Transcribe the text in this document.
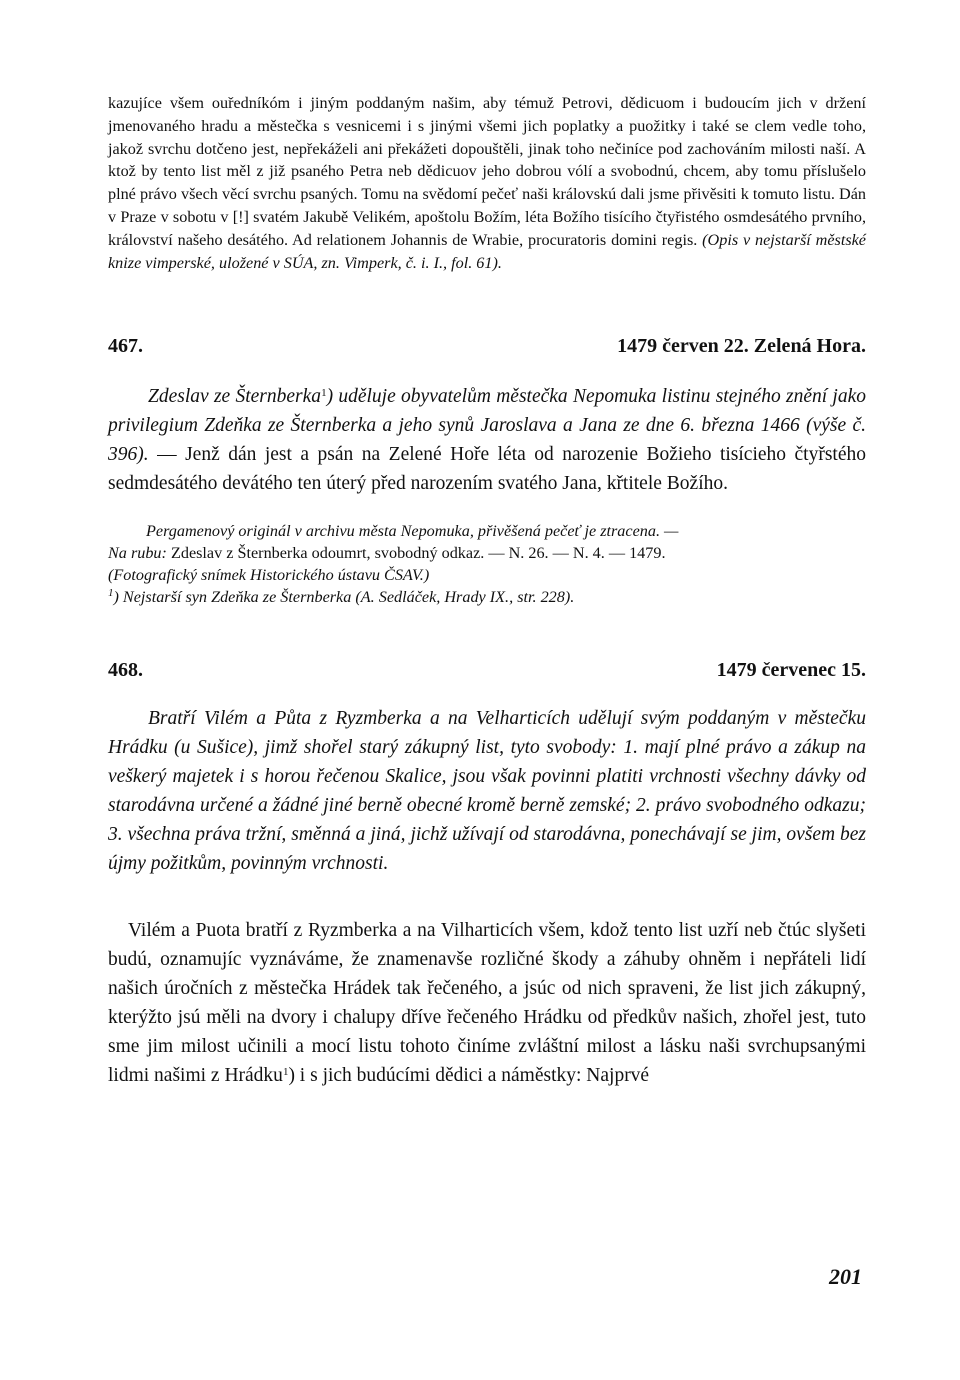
kazujíce všem ouředníkóm i jiným poddaným našim, aby témuž Petrovi, dědicuom i budoucím jich v držení jmenovaného hradu a městečka s vesnicemi i s jinými všemi jich poplatky a puožitky i také se clem vedle toho, jakož svrchu dotčeno jest, nepřekáželi ani překážeti dopouštěli, jinak toho nečiníce pod zachováním milosti naší. A ktož by tento list měl z již psaného Petra neb dědicuov jeho dobrou vólí a svobodnú, chcem, aby tomu příslušelo plné právo všech věcí svrchu psaných. Tomu na svědomí pečeť naši královskú dali jsme přivěsiti k tomuto listu. Dán v Praze v sobotu v [!] svatém Jakubě Velikém, apoštolu Božím, léta Božího tisícího čtyřistého osmdesátého prvního, království našeho desátého. Ad relationem Johannis de Wrabie, procuratoris domini regis. (Opis v nejstarší městské knize vimperské, uložené v SÚA, zn. Vimperk, č. i. I., fol. 61).

467.	1479 červen 22. Zelená Hora.

Zdeslav ze Šternberka$^1$) uděluje obyvatelům městečka Nepomuka listinu stejného znění jako privilegium Zdeňka ze Šternberka a jeho synů Jaroslava a Jana ze dne 6. března 1466 (výše č. 396). — Jenž dán jest a psán na Zelené Hoře léta od narozenie Božieho tisícieho čtyřstého sedmdesátého devátého ten úterý před narozením svatého Jana, křtitele Božího.

Pergamenový originál v archivu města Nepomuka, přivěšená pečeť je ztracena. —

Na rubu: Zdeslav z Šternberka odoumrt, svobodný odkaz. — N. 26. — N. 4. — 1479.

(Fotografický snímek Historického ústavu ČSAV.)

$^1$) Nejstarší syn Zdeňka ze Šternberka (A. Sedláček, Hrady IX., str. 228).

468.	1479 červenec 15.

Bratří Vilém a Půta z Ryzmberka a na Velharticích udělují svým poddaným v městečku Hrádku (u Sušice), jimž shořel starý zákupný list, tyto svobody: 1. mají plné právo a zákup na veškerý majetek i s horou řečenou Skalice, jsou však povinni platiti vrchnosti všechny dávky od starodávna určené a žádné jiné berně obecné kromě berně zemské; 2. právo svobodného odkazu; 3. všechna práva tržní, směnná a jiná, jichž užívají od starodávna, ponechávají se jim, ovšem bez újmy požitkům, povinným vrchnosti.

Vilém a Puota bratří z Ryzmberka a na Vilharticích všem, kdož tento list uzří neb čtúc slyšeti budú, oznamujíc vyznáváme, že znamenavše rozličné škody a záhuby ohněm i nepřáteli lidí našich úročních z městečka Hrádek tak řečeného, a jsúc od nich spraveni, že list jich zákupný, kterýžto jsú měli na dvory i chalupy dříve řečeného Hrádku od předkův našich, zhořel jest, tuto sme jim milost učinili a mocí listu tohoto činíme zvláštní milost a lásku naši svrchupsanými lidmi našimi z Hrádku$^1$) i s jich budúcími dědici a náměstky: Najprvé

201
